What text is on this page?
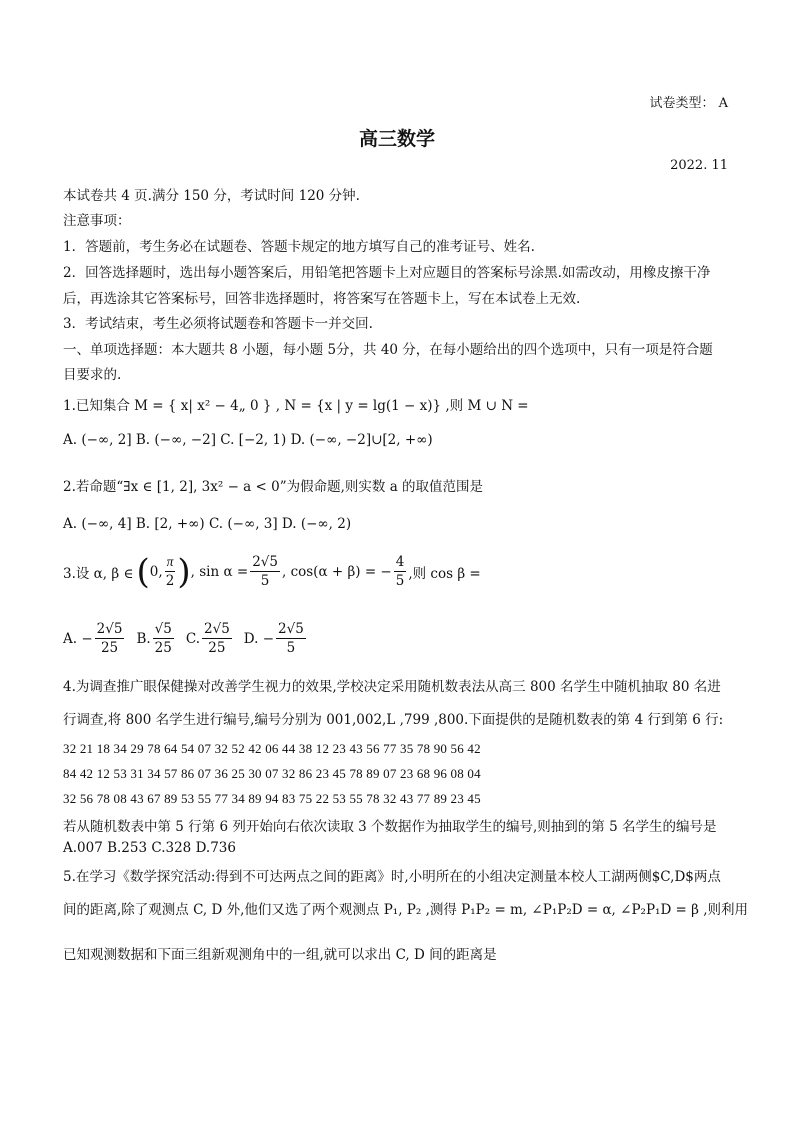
试卷类型： A
高三数学
2022. 11
本试卷共 4 页.满分 150 分，考试时间 120 分钟.
注意事项：
1．答题前，考生务必在试题卷、答题卡规定的地方填写自己的准考证号、姓名.
2．回答选择题时，选出每小题答案后，用铅笔把答题卡上对应题目的答案标号涂黑.如需改动，用橡皮擦干净
后，再选涂其它答案标号，回答非选择题时，将答案写在答题卡上，写在本试卷上无效.
3．考试结束，考生必须将试题卷和答题卡一并交回.
一、单项选择题：本大题共 8 小题，每小题 5分，共 40 分，在每小题给出的四个选项中，只有一项是符合题
目要求的.
1.已知集合 M = { x| x² − 4„ 0 } , N = {x | y = lg(1 − x)} ,则 M ∪ N =
A. (−∞, 2] B. (−∞, −2] C. [−2, 1) D. (−∞, −2]∪[2, +∞)
2.若命题“∃x ∈ [1, 2], 3x² − a < 0”为假命题,则实数 a 的取值范围是
A. (−∞, 4] B. [2, +∞) C. (−∞, 3] D. (−∞, 2)
3.设 α, β ∈ ( 0, $\frac{\pi}{2}$ ) , $\sin \alpha = \frac{2√5}{5}$ , cos(α + β) = − $\frac{4}{5}$ ,则 cos β =
A. − $\frac{2√5}{25} B$. $\frac{√5}{25} C$. $\frac{2√5}{25} D$. − $\frac{2√5}{5}$
4.为调查推广眼保健操对改善学生视力的效果,学校决定采用随机数表法从高三 800 名学生中随机抽取 80 名进
行调查,将 800 名学生进行编号,编号分别为 001,002,L ,799 ,800.下面提供的是随机数表的第 4 行到第 6 行:
32 21 18 34 29 78 64 54 07 32 52 42 06 44 38 12 23 43 56 77 35 78 90 56 42
84 42 12 53 31 34 57 86 07 36 25 30 07 32 86 23 45 78 89 07 23 68 96 08 04
32 56 78 08 43 67 89 53 55 77 34 89 94 83 75 22 53 55 78 32 43 77 89 23 45
若从随机数表中第 5 行第 6 列开始向右依次读取 3 个数据作为抽取学生的编号,则抽到的第 5 名学生的编号是
A.007 B.253 C.328 D.736
5.在学习《数学探究活动:得到不可达两点之间的距离》时,小明所在的小组决定测量本校人工湖两侧$C,D$两点
间的距离,除了观测点 C, D 外,他们又选了两个观测点 P₁, P₂ ,测得 P₁P₂ = m, ∠P₁P₂D = α, ∠P₂P₁D = β ,则利用
已知观测数据和下面三组新观测角中的一组,就可以求出 C, D 间的距离是
